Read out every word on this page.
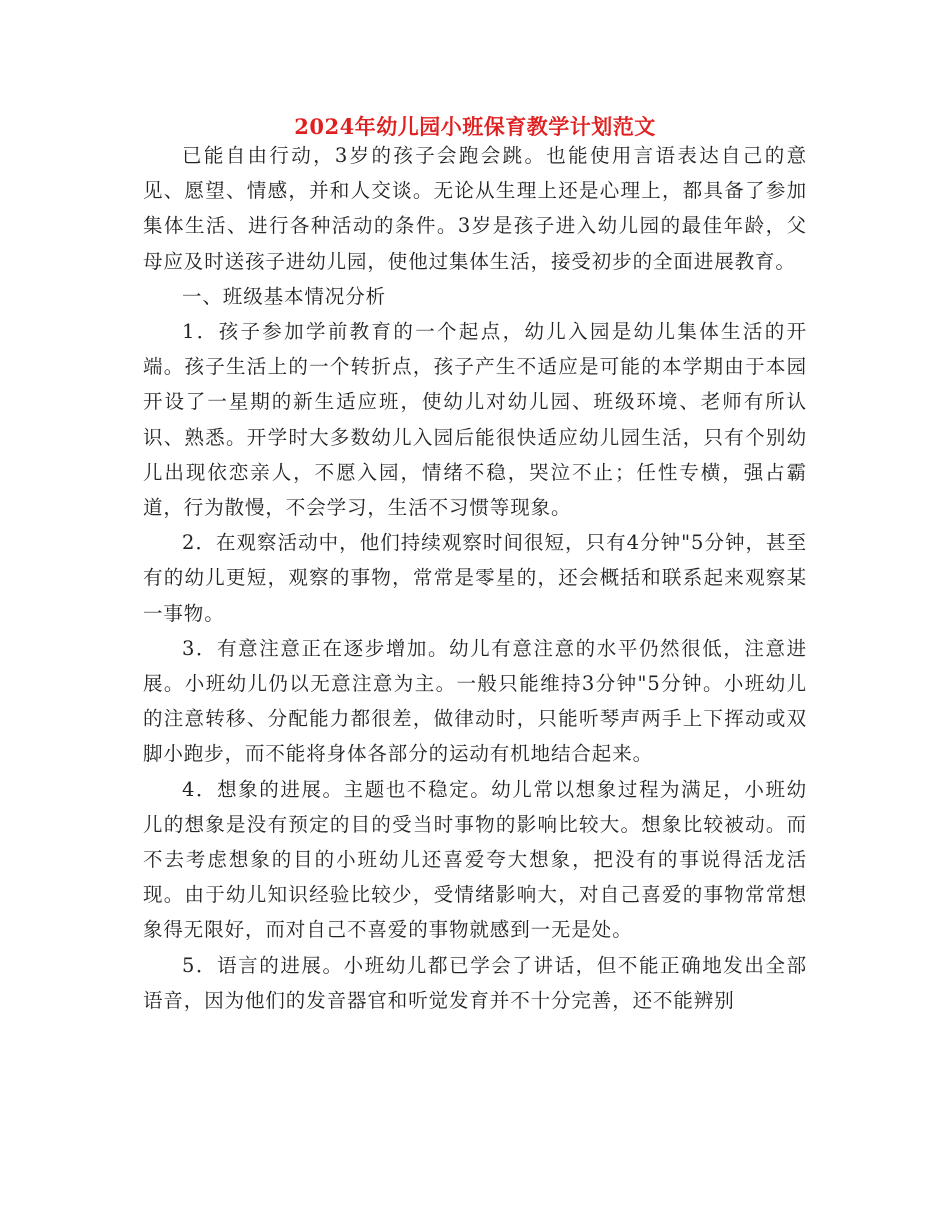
2024年幼儿园小班保育教学计划范文

已能自由行动，3岁的孩子会跑会跳。也能使用言语表达自己的意见、愿望、情感，并和人交谈。无论从生理上还是心理上，都具备了参加集体生活、进行各种活动的条件。3岁是孩子进入幼儿园的最佳年龄，父母应及时送孩子进幼儿园，使他过集体生活，接受初步的全面进展教育。

一、班级基本情况分析

1．孩子参加学前教育的一个起点，幼儿入园是幼儿集体生活的开端。孩子生活上的一个转折点，孩子产生不适应是可能的本学期由于本园开设了一星期的新生适应班，使幼儿对幼儿园、班级环境、老师有所认识、熟悉。开学时大多数幼儿入园后能很快适应幼儿园生活，只有个别幼儿出现依恋亲人，不愿入园，情绪不稳，哭泣不止；任性专横，强占霸道，行为散慢，不会学习，生活不习惯等现象。

2．在观察活动中，他们持续观察时间很短，只有4分钟"5分钟，甚至有的幼儿更短，观察的事物，常常是零星的，还会概括和联系起来观察某一事物。

3．有意注意正在逐步增加。幼儿有意注意的水平仍然很低，注意进展。小班幼儿仍以无意注意为主。一般只能维持3分钟"5分钟。小班幼儿的注意转移、分配能力都很差，做律动时，只能听琴声两手上下挥动或双脚小跑步，而不能将身体各部分的运动有机地结合起来。

4．想象的进展。主题也不稳定。幼儿常以想象过程为满足，小班幼儿的想象是没有预定的目的受当时事物的影响比较大。想象比较被动。而不去考虑想象的目的小班幼儿还喜爱夸大想象，把没有的事说得活龙活现。由于幼儿知识经验比较少，受情绪影响大，对自己喜爱的事物常常想象得无限好，而对自己不喜爱的事物就感到一无是处。

5．语言的进展。小班幼儿都已学会了讲话，但不能正确地发出全部语音，因为他们的发音器官和听觉发育并不十分完善，还不能辨别
